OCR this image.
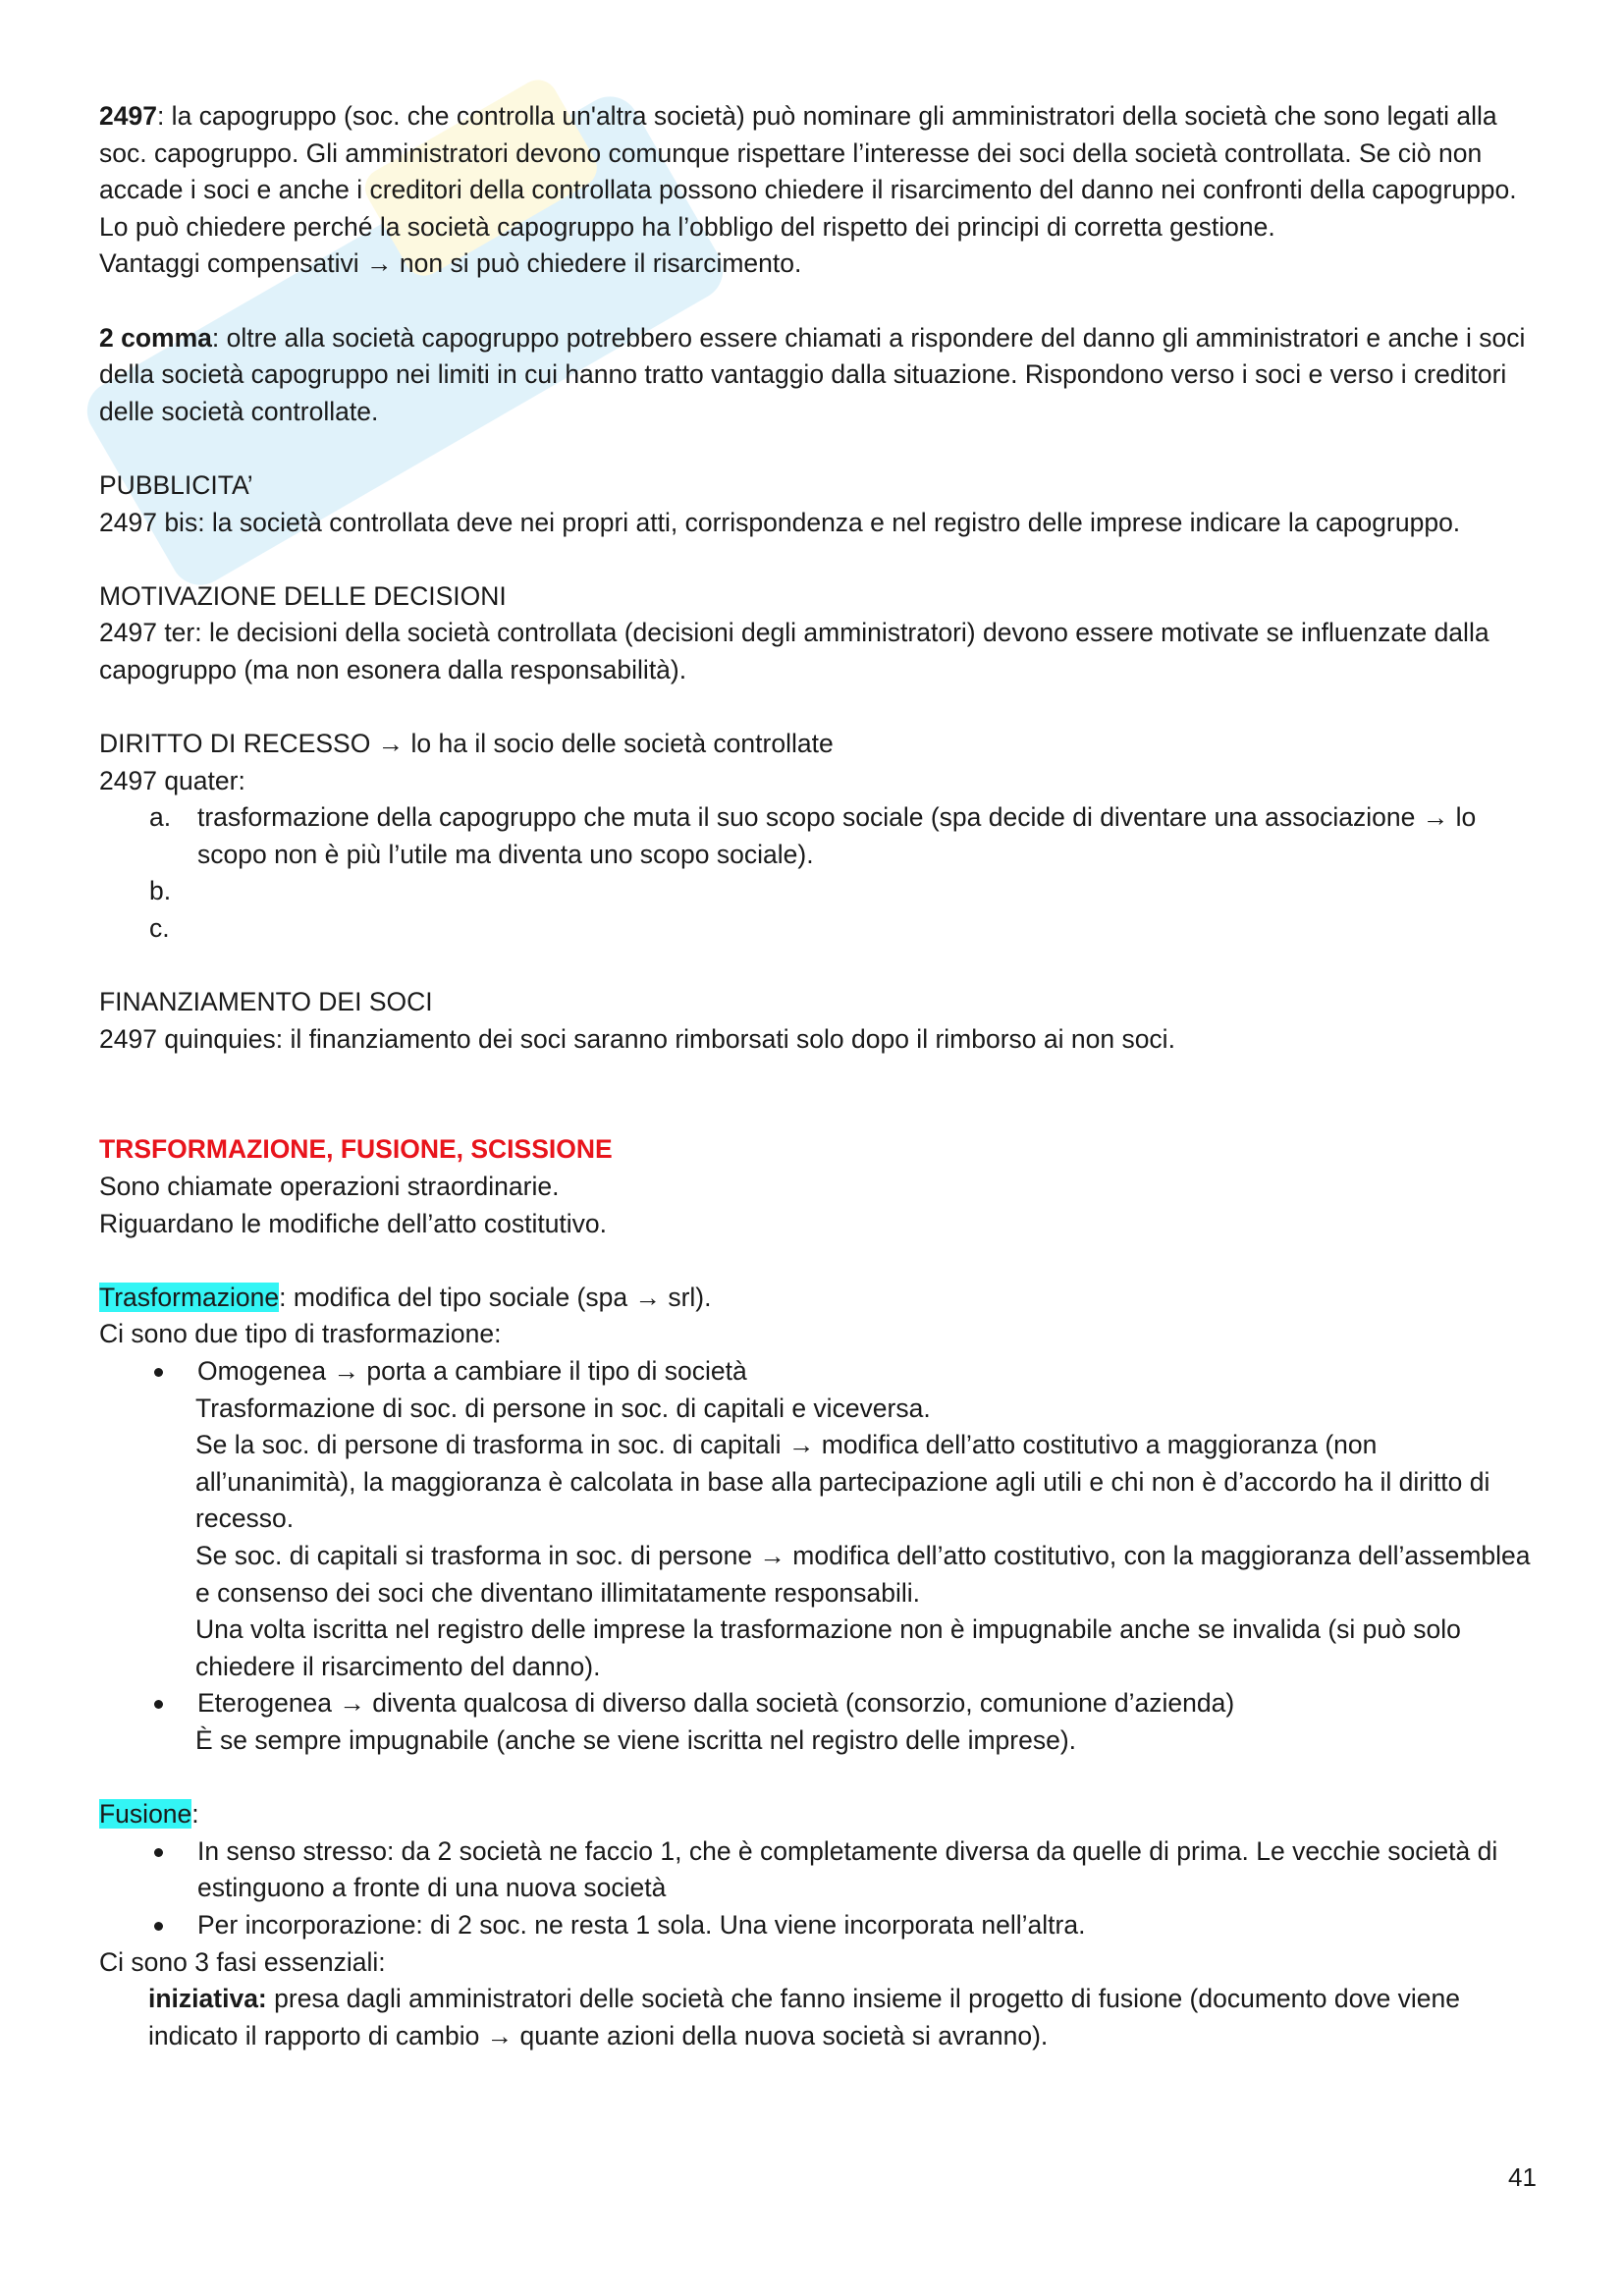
2497: la capogruppo (soc. che controlla un'altra società) può nominare gli amministratori della società che sono legati alla soc. capogruppo. Gli amministratori devono comunque rispettare l’interesse dei soci della società controllata. Se ciò non accade i soci e anche i creditori della controllata possono chiedere il risarcimento del danno nei confronti della capogruppo. Lo può chiedere perché la società capogruppo ha l’obbligo del rispetto dei principi di corretta gestione.

Vantaggi compensativi → non si può chiedere il risarcimento.

2 comma: oltre alla società capogruppo potrebbero essere chiamati a rispondere del danno gli amministratori e anche i soci della società capogruppo nei limiti in cui hanno tratto vantaggio dalla situazione. Rispondono verso i soci e verso i creditori delle società controllate.

PUBBLICITA’

2497 bis: la società controllata deve nei propri atti, corrispondenza e nel registro delle imprese indicare la capogruppo.

MOTIVAZIONE DELLE DECISIONI

2497 ter: le decisioni della società controllata (decisioni degli amministratori) devono essere motivate se influenzate dalla capogruppo (ma non esonera dalla responsabilità).

DIRITTO DI RECESSO → lo ha il socio delle società controllate

2497 quater:

a. trasformazione della capogruppo che muta il suo scopo sociale (spa decide di diventare una associazione → lo scopo non è più l’utile ma diventa uno scopo sociale).
b.

c.

FINANZIAMENTO DEI SOCI

2497 quinquies: il finanziamento dei soci saranno rimborsati solo dopo il rimborso ai non soci.

TRSFORMAZIONE, FUSIONE, SCISSIONE

Sono chiamate operazioni straordinarie.

Riguardano le modifiche dell’atto costitutivo.

Trasformazione: modifica del tipo sociale (spa → srl).

Ci sono due tipo di trasformazione:

Omogenea → porta a cambiare il tipo di società

Trasformazione di soc. di persone in soc. di capitali e viceversa.

Se la soc. di persone di trasforma in soc. di capitali → modifica dell’atto costitutivo a maggioranza (non all’unanimità), la maggioranza è calcolata in base alla partecipazione agli utili e chi non è d’accordo ha il diritto di recesso.

Se soc. di capitali si trasforma in soc. di persone → modifica dell’atto costitutivo, con la maggioranza dell’assemblea e consenso dei soci che diventano illimitatamente responsabili.

Una volta iscritta nel registro delle imprese la trasformazione non è impugnabile anche se invalida (si può solo chiedere il risarcimento del danno).

Eterogenea → diventa qualcosa di diverso dalla società (consorzio, comunione d’azienda)

È se sempre impugnabile (anche se viene iscritta nel registro delle imprese).

Fusione:

In senso stresso: da 2 società ne faccio 1, che è completamente diversa da quelle di prima. Le vecchie società di estinguono a fronte di una nuova società
Per incorporazione: di 2 soc. ne resta 1 sola. Una viene incorporata nell’altra.

Ci sono 3 fasi essenziali:

iniziativa: presa dagli amministratori delle società che fanno insieme il progetto di fusione (documento dove viene indicato il rapporto di cambio → quante azioni della nuova società si avranno).

41
